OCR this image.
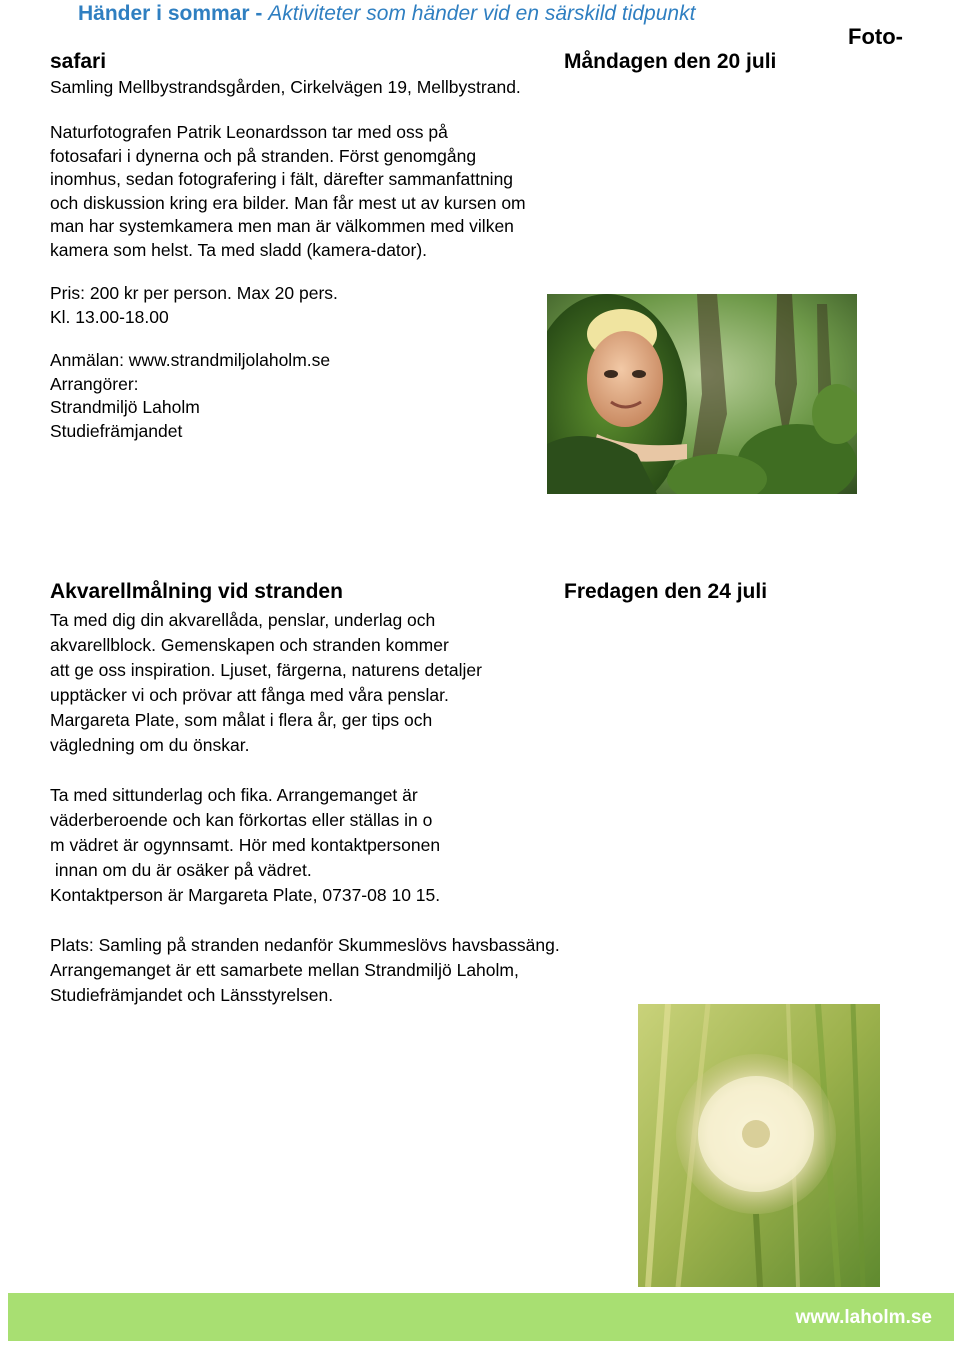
Händer i sommar - Aktiviteter som händer vid en särskild tidpunkt
Foto-
safari	Måndagen den 20 juli
Samling Mellbystrandsgården, Cirkelvägen 19, Mellbystrand.
Naturfotografen Patrik Leonardsson tar med oss på
fotosafari i dynerna och på stranden. Först genomgång
inomhus, sedan fotografering i fält, därefter sammanfattning
och diskussion kring era bilder. Man får mest ut av kursen om
man har systemkamera men man är välkommen med vilken
kamera som helst. Ta med sladd (kamera-dator).
Pris: 200 kr per person. Max 20 pers.
Kl. 13.00-18.00
Anmälan: www.strandmiljolaholm.se
Arrangörer:
Strandmiljö Laholm
Studiefrämjandet
Akvarellmålning vid stranden	Fredagen den 24 juli
Ta med dig din akvarellåda, penslar, underlag och
akvarellblock. Gemenskapen och stranden kommer
att ge oss inspiration. Ljuset, färgerna, naturens detaljer
upptäcker vi och prövar att fånga med våra penslar.
Margareta Plate, som målat i flera år, ger tips och
vägledning om du önskar.
Ta med sittunderlag och fika. Arrangemanget är
väderberoende och kan förkortas eller ställas in o
m vädret är ogynnsamt. Hör med kontaktpersonen
innan om du är osäker på vädret.
Kontaktperson är Margareta Plate, 0737-08 10 15.
Plats: Samling på stranden nedanför Skummeslövs havsbassäng.
Arrangemanget är ett samarbete mellan Strandmiljö Laholm,
Studiefrämjandet och Länsstyrelsen.
www.laholm.se
